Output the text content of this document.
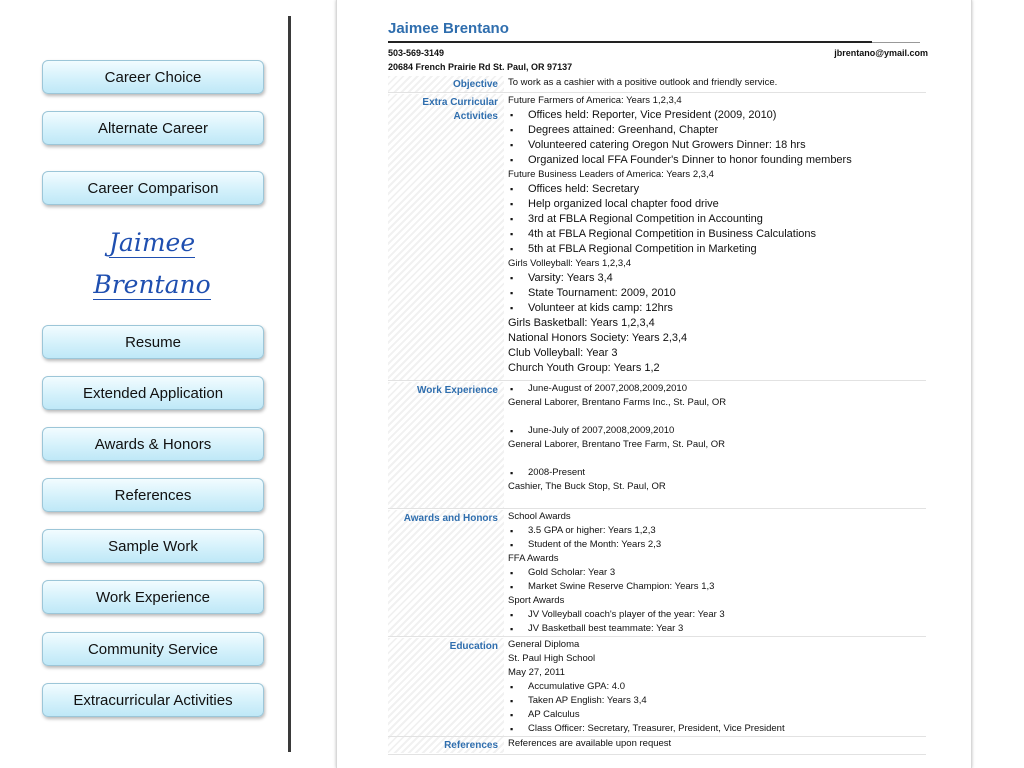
Career Choice
Alternate Career
Career Comparison
Resume
Extended Application
Awards & Honors
References
Sample Work
Work Experience
Community Service
Extracurricular Activities
Jaimee
Brentano
Jaimee Brentano
503-569-3149	jbrentano@ymail.com
20684 French Prairie Rd St. Paul, OR 97137
Objective To work as a cashier with a positive outlook and friendly service.
Extra Curricular
Activities
Future Farmers of America: Years 1,2,3,4
▪ Offices held: Reporter, Vice President (2009, 2010)
▪ Degrees attained: Greenhand, Chapter
▪ Volunteered catering Oregon Nut Growers Dinner: 18 hrs
▪ Organized local FFA Founder's Dinner to honor founding members
Future Business Leaders of America: Years 2,3,4
▪ Offices held: Secretary
▪ Help organized local chapter food drive
▪ 3rd at FBLA Regional Competition in Accounting
▪ 4th at FBLA Regional Competition in Business Calculations
▪ 5th at FBLA Regional Competition in Marketing
Girls Volleyball: Years 1,2,3,4
▪ Varsity: Years 3,4
▪ State Tournament: 2009, 2010
▪ Volunteer at kids camp: 12hrs
Girls Basketball: Years 1,2,3,4
National Honors Society: Years 2,3,4
Club Volleyball: Year 3
Church Youth Group: Years 1,2
Work Experience
▪	June-August of 2007,2008,2009,2010
General Laborer, Brentano Farms Inc., St. Paul, OR
▪ June-July of 2007,2008,2009,2010
General Laborer, Brentano Tree Farm, St. Paul, OR
▪ 2008-Present
Cashier, The Buck Stop, St. Paul, OR
Awards and Honors School Awards
▪ 3.5 GPA or higher: Years 1,2,3
▪ Student of the Month: Years 2,3
FFA Awards
▪ Gold Scholar: Year 3
▪ Market Swine Reserve Champion: Years 1,3
Sport Awards
▪ JV Volleyball coach's player of the year: Year 3
▪ JV Basketball best teammate: Year 3
Education General Diploma
St. Paul High School
May 27, 2011
▪ Accumulative GPA: 4.0
▪ Taken AP English: Years 3,4
▪ AP Calculus
▪ Class Officer: Secretary, Treasurer, President, Vice President
References References are available upon request
